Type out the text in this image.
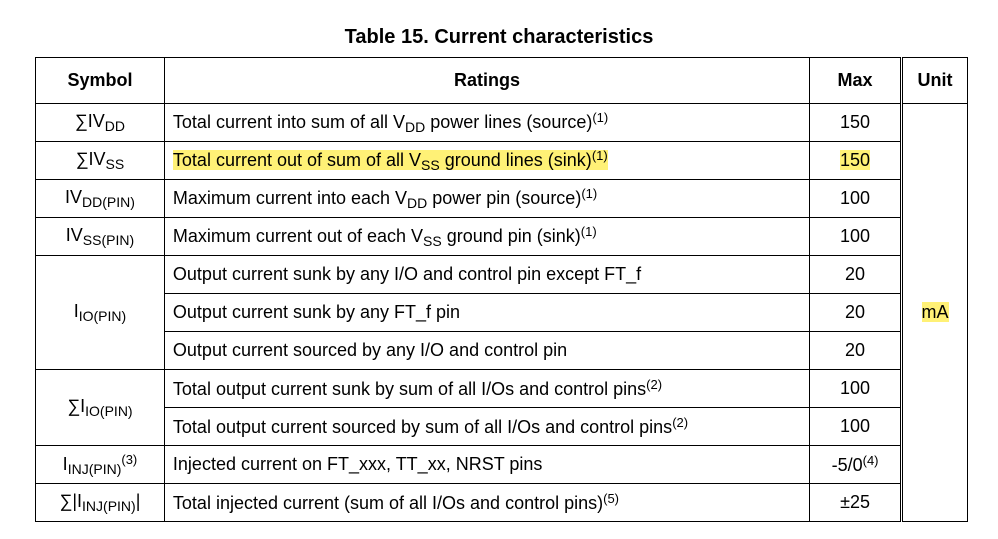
Table 15. Current characteristics
Symbol	Ratings	Max	Unit
$\sum IV_{DD}$	Total current into sum of all $V_{DD}$ power lines (source)$^{(1)}$	150	mA
$\sum IV_{SS}$	Total current out of sum of all $V_{SS}$ ground lines $(\sin k)^{(1)}$	150	
$IV_{DD(PIN)}$	Maximum current into each $V_{DD}$ power pin (source)$^{(1)}$	100	
$IV_{SS(PIN)}$	Maximum current out of each $V_{SS}$ ground pin $(\sin k)^{(1)}$	100	
$I_{IO(PIN)}$	Output current sunk by any I/O and control pin except FT_f	20	
	Output current sunk by any FT_f pin	20	
	Output current sourced by any I/O and control pin	20	
$\sum I_{IO(PIN)}$	Total output current sunk by sum of all I/Os and control pins$^{(2)}$	100	
	Total output current sourced by sum of all I/Os and control pins$^{(2)}$	100	
$I_{INJ(PIN)}^{(3)}$	Injected current on FT_xxx, TT_xx, NRST pins	-5/0$^{(4)}$
$\sum|I_{INJ(PIN)}|$	Total injected current (sum of all I/Os and control pins)$^{(5)}$	±25	
